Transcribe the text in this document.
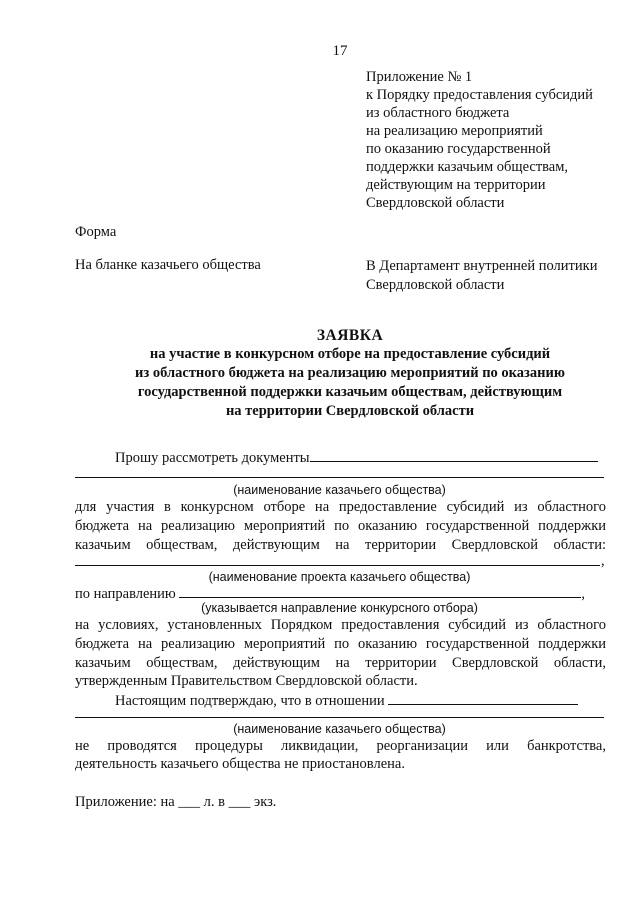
17
Приложение № 1
к Порядку предоставления субсидий
из областного бюджета
на реализацию мероприятий
по оказанию государственной
поддержки казачьим обществам,
действующим на территории
Свердловской области
Форма
На бланке казачьего общества	В Департамент внутренней политики
Свердловской области
ЗАЯВКА
на участие в конкурсном отборе на предоставление субсидий
из областного бюджета на реализацию мероприятий по оказанию
государственной поддержки казачьим обществам, действующим
на территории Свердловской области
Прошу рассмотреть документы
(наименование казачьего общества)
для участия в конкурсном отборе на предоставление субсидий из областного
бюджета на реализацию мероприятий по оказанию государственной поддержки
казачьим обществам, действующим на территории Свердловской области:
,
(наименование проекта казачьего общества)
по направлению	,
(указывается направление конкурсного отбора)
на условиях, установленных Порядком предоставления субсидий из областного
бюджета на реализацию мероприятий по оказанию государственной поддержки
казачьим обществам, действующим на территории Свердловской области,
утвержденным Правительством Свердловской области.
Настоящим подтверждаю, что в отношении
(наименование казачьего общества)
не проводятся процедуры ликвидации, реорганизации или банкротства,
деятельность казачьего общества не приостановлена.
Приложение: на ___ л. в ___ экз.
